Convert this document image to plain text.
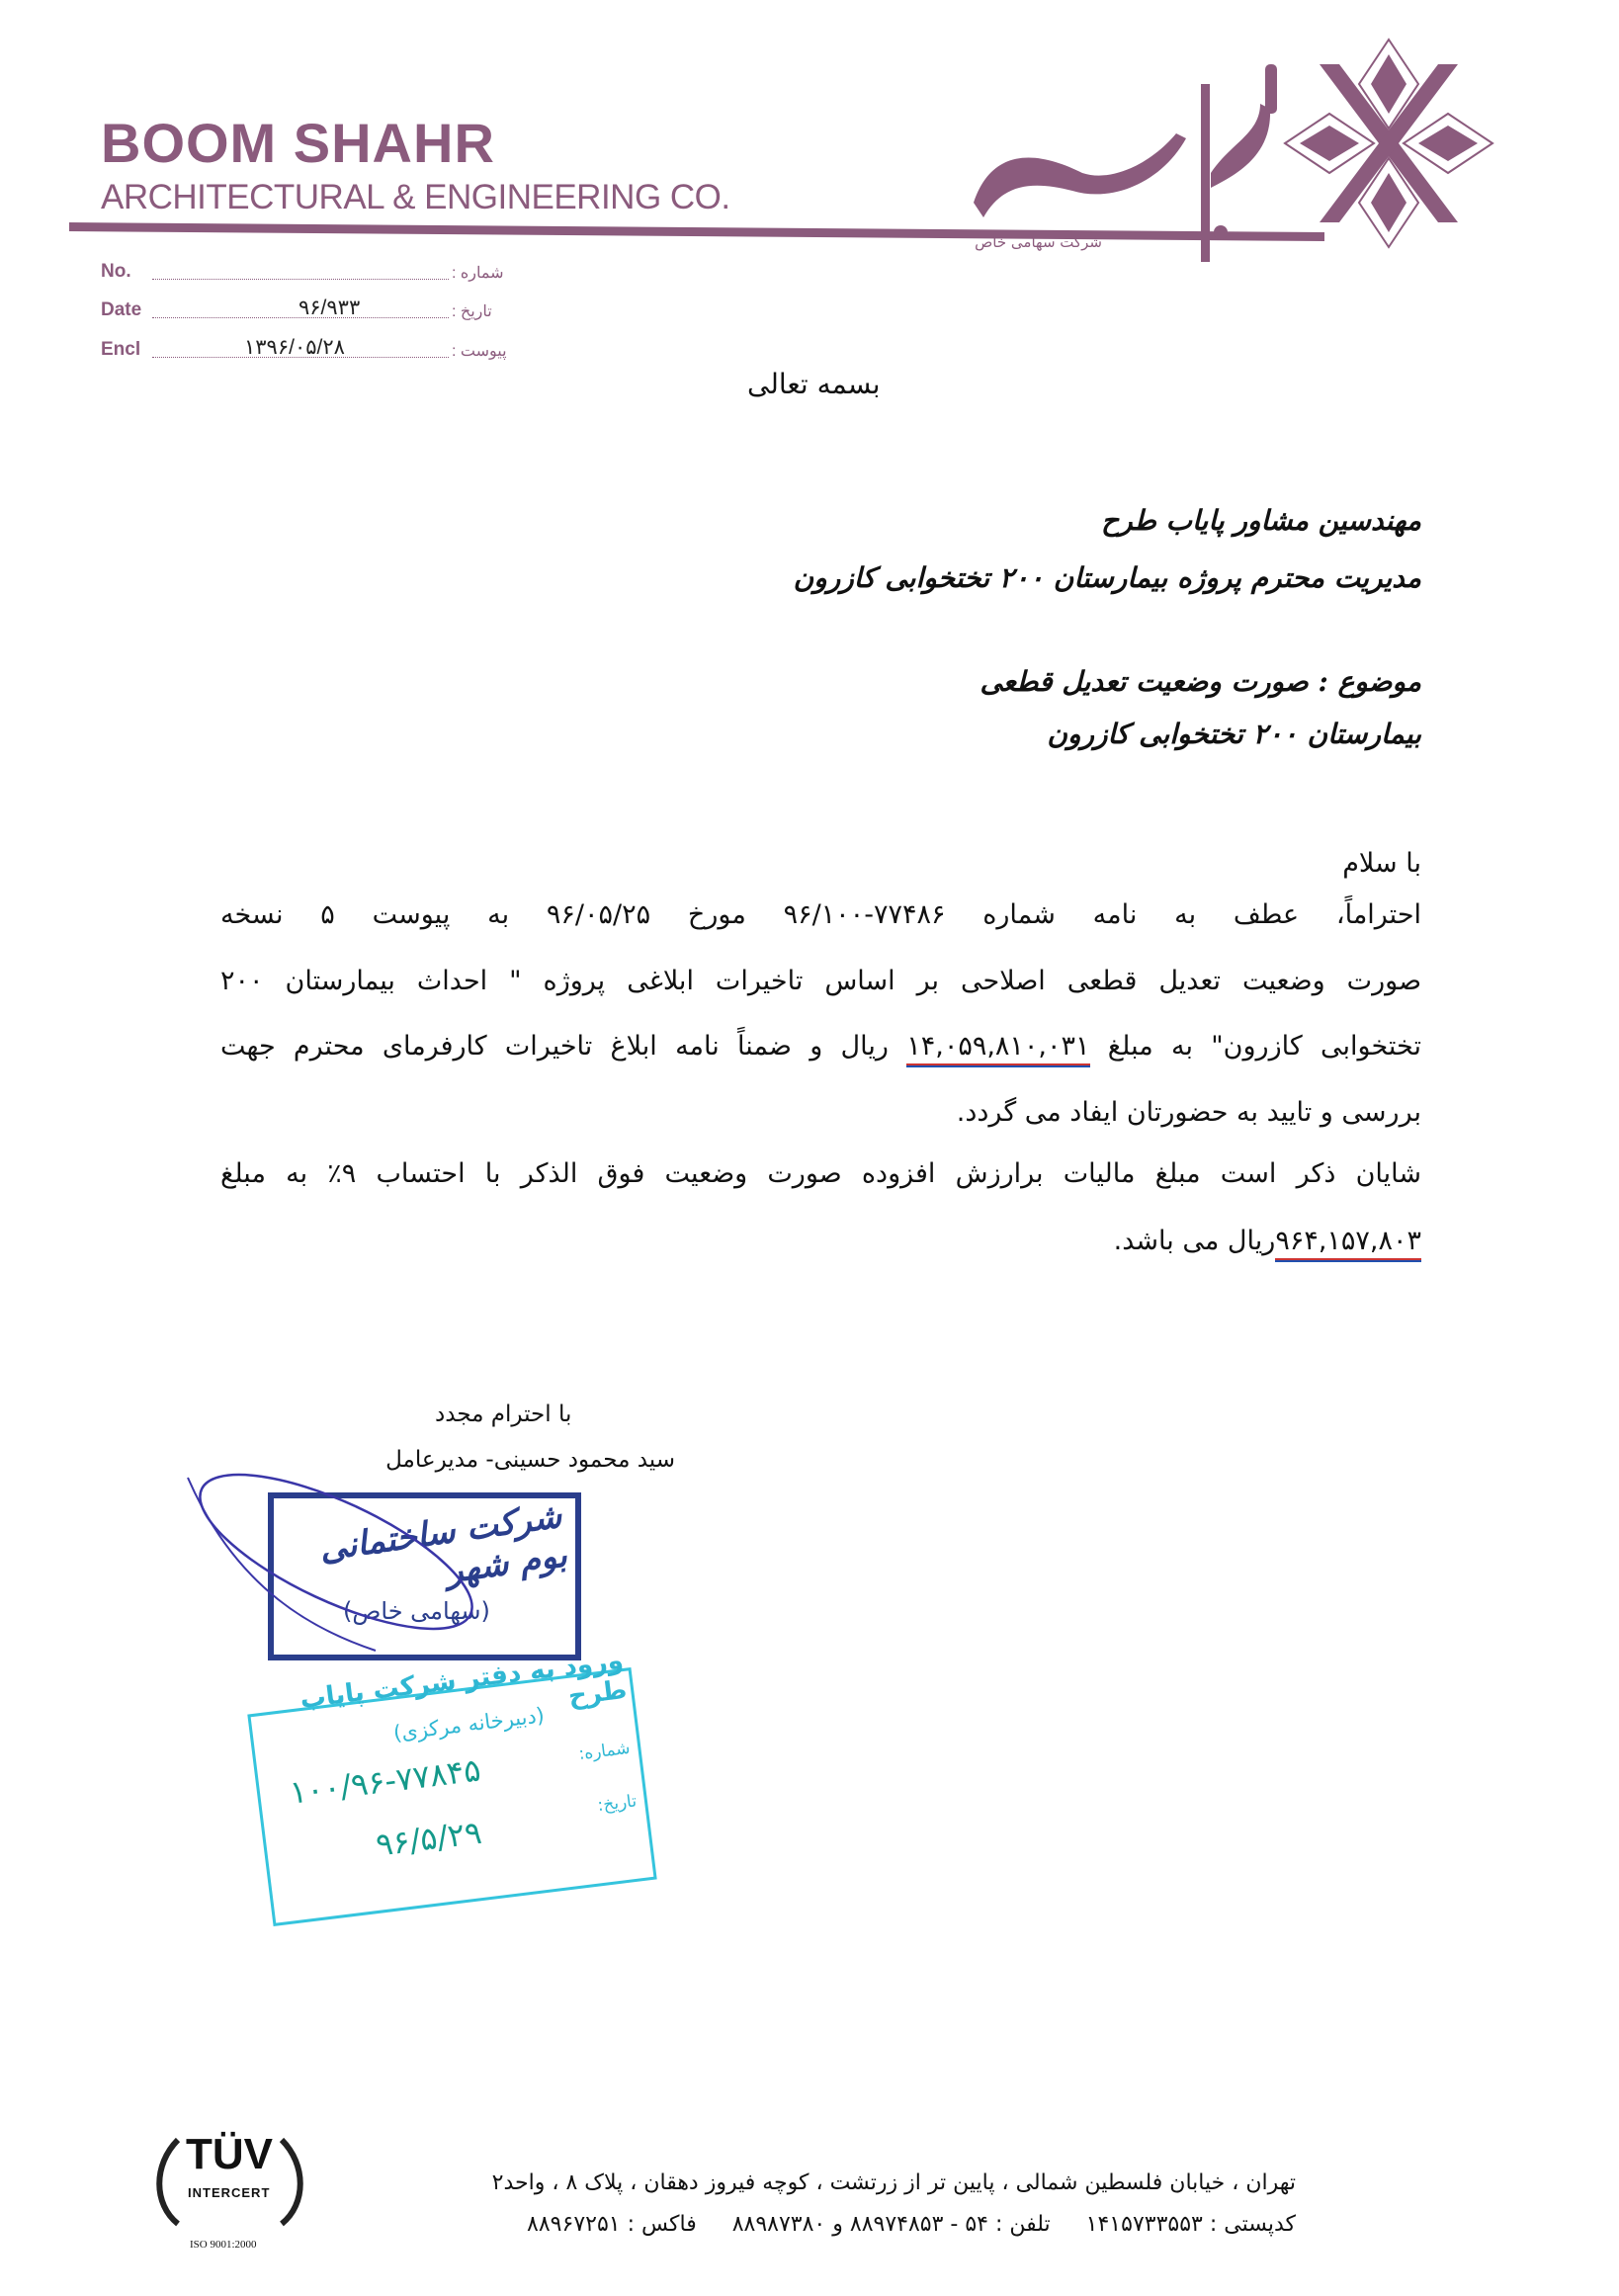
BOOM SHAHR
ARCHITECTURAL & ENGINEERING CO.
شرکت سهامی خاص
No.	شماره :
Date	۹۶/۹۳۳	تاریخ :
Encl	۱۳۹۶/۰۵/۲۸	پیوست :
بسمه تعالی
مهندسین مشاور پایاب طرح
مدیریت محترم پروژه بیمارستان ۲۰۰ تختخوابی کازرون
موضوع : صورت وضعیت تعدیل قطعی
بیمارستان ۲۰۰ تختخوابی کازرون
با سلام
احتراماً، عطف به نامه شماره ۷۷۴۸۶-۹۶/۱۰۰ مورخ ۹۶/۰۵/۲۵ به پیوست ۵ نسخه
صورت وضعیت تعدیل قطعی اصلاحی بر اساس تاخیرات ابلاغی پروژه " احداث بیمارستان ۲۰۰
تختخوابی کازرون" به مبلغ ۱۴,۰۵۹,۸۱۰,۰۳۱ ریال و ضمناً نامه ابلاغ تاخیرات کارفرمای محترم جهت
بررسی و تایید به حضورتان ایفاد می گردد.
شایان ذکر است مبلغ مالیات برارزش افزوده صورت وضعیت فوق الذکر با احتساب ۹٪ به مبلغ
۹۶۴,۱۵۷,۸۰۳ریال می باشد.
با احترام مجدد
سید محمود حسینی- مدیرعامل
شرکت ساختمانی بوم شهر
(سهامی خاص)
ورود به دفتر شرکت پایاب طرح
(دبیرخانه مرکزی)
شماره:
۱۰۰/۹۶-۷۷۸۴۵	تاریخ:
۹۶/۵/۲۹
TÜV
INTERCERT
ISO 9001:2000
تهران ، خیابان فلسطین شمالی ، پایین تر از زرتشت ، کوچه فیروز دهقان ، پلاک ۸ ، واحد۲
کدپستی : ۱۴۱۵۷۳۳۵۵۳
تلفن : ۵۴ - ۸۸۹۷۴۸۵۳ و ۸۸۹۸۷۳۸۰
فاکس : ۸۸۹۶۷۲۵۱
